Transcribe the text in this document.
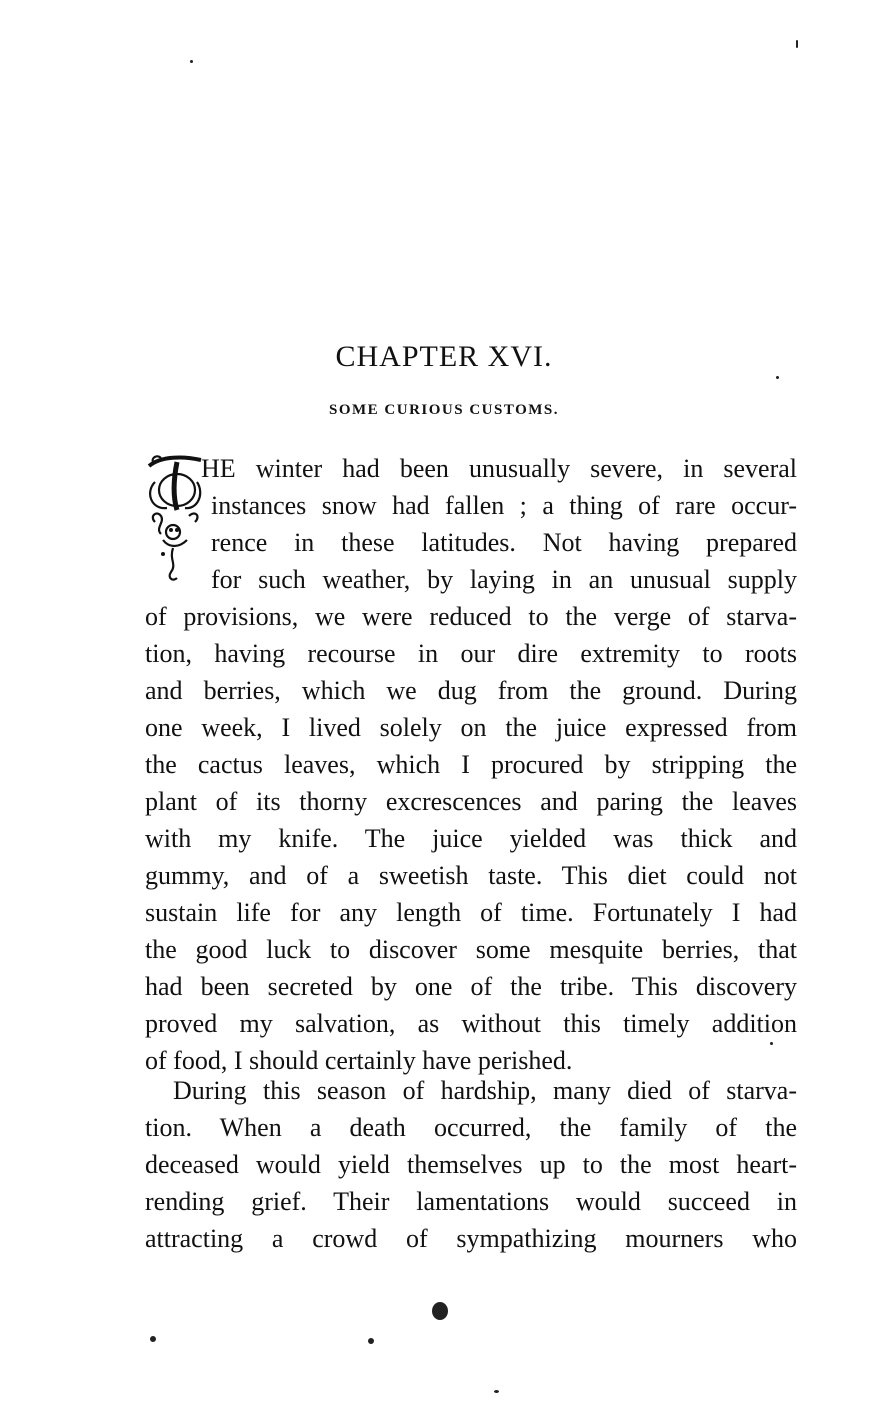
CHAPTER XVI.
SOME CURIOUS CUSTOMS.
HE winter had been unusually severe, in several
instances snow had fallen ; a thing of rare occur-
rence in these latitudes. Not having prepared
for such weather, by laying in an unusual supply
of provisions, we were reduced to the verge of starva-
tion, having recourse in our dire extremity to roots
and berries, which we dug from the ground. During
one week, I lived solely on the juice expressed from
the cactus leaves, which I procured by stripping the
plant of its thorny excrescences and paring the leaves
with my knife. The juice yielded was thick and
gummy, and of a sweetish taste. This diet could not
sustain life for any length of time. Fortunately I had
the good luck to discover some mesquite berries, that
had been secreted by one of the tribe. This discovery
proved my salvation, as without this timely addition
of food, I should certainly have perished.
During this season of hardship, many died of starva-
tion. When a death occurred, the family of the
deceased would yield themselves up to the most heart-
rending grief. Their lamentations would succeed in
attracting a crowd of sympathizing mourners who
